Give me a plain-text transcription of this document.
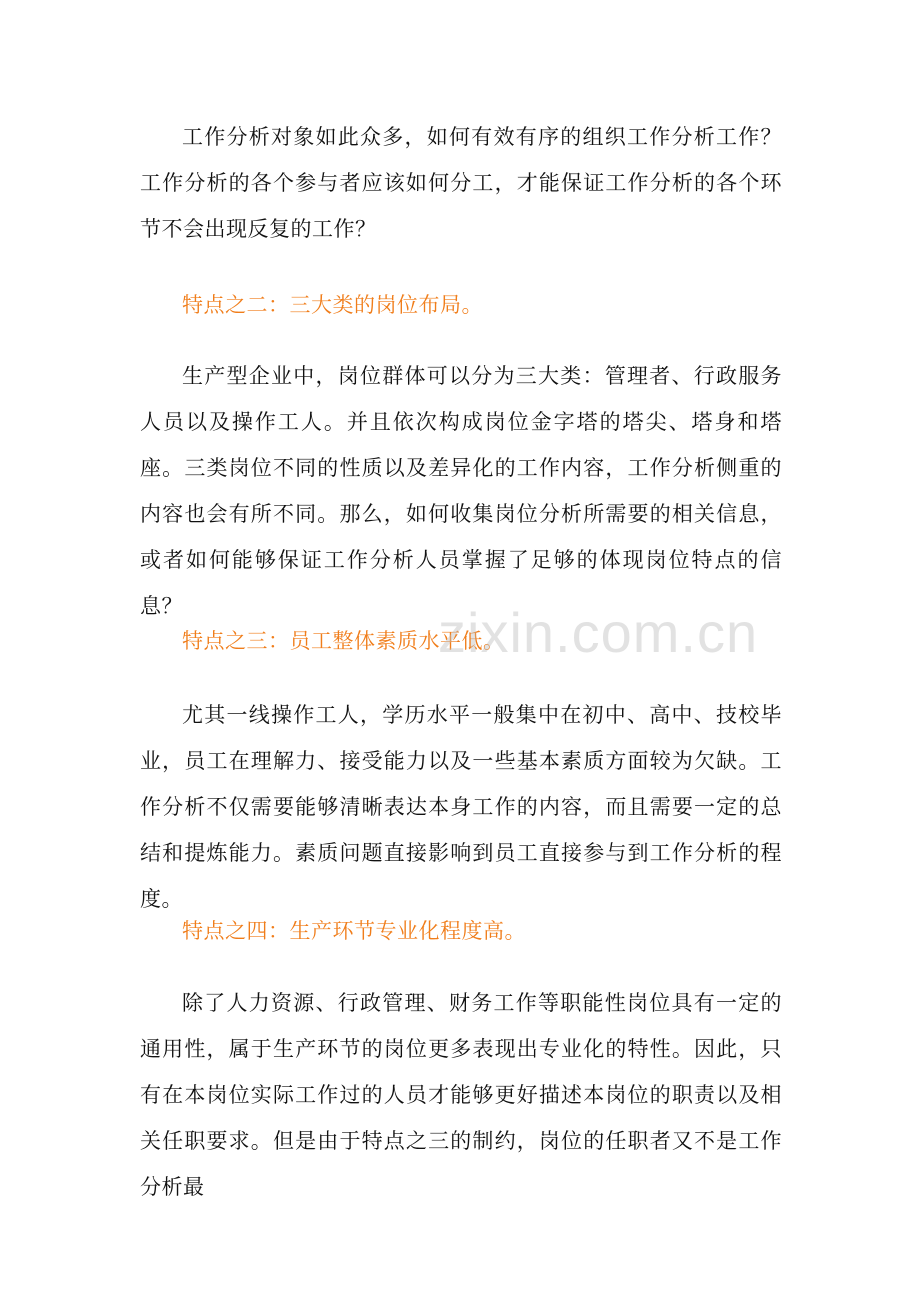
工作分析对象如此众多，如何有效有序的组织工作分析工作？工作分析的各个参与者应该如何分工，才能保证工作分析的各个环节不会出现反复的工作？

特点之二：三大类的岗位布局。

生产型企业中，岗位群体可以分为三大类：管理者、行政服务人员以及操作工人。并且依次构成岗位金字塔的塔尖、塔身和塔座。三类岗位不同的性质以及差异化的工作内容，工作分析侧重的内容也会有所不同。那么，如何收集岗位分析所需要的相关信息，或者如何能够保证工作分析人员掌握了足够的体现岗位特点的信息？

特点之三：员工整体素质水平低。

尤其一线操作工人，学历水平一般集中在初中、高中、技校毕业，员工在理解力、接受能力以及一些基本素质方面较为欠缺。工作分析不仅需要能够清晰表达本身工作的内容，而且需要一定的总结和提炼能力。素质问题直接影响到员工直接参与到工作分析的程度。

特点之四：生产环节专业化程度高。

除了人力资源、行政管理、财务工作等职能性岗位具有一定的通用性，属于生产环节的岗位更多表现出专业化的特性。因此，只有在本岗位实际工作过的人员才能够更好描述本岗位的职责以及相关任职要求。但是由于特点之三的制约，岗位的任职者又不是工作分析最

zixin.com.cn
